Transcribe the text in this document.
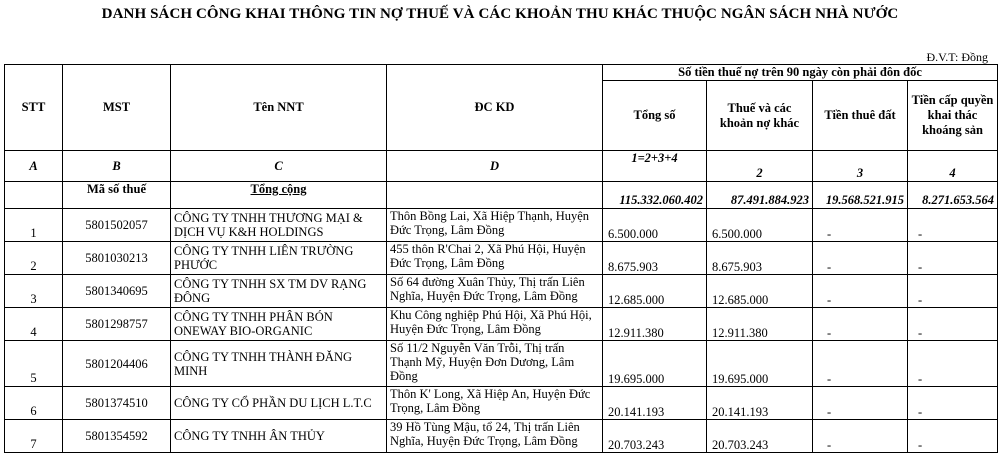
DANH SÁCH CÔNG KHAI THÔNG TIN NỢ THUẾ VÀ CÁC KHOẢN THU KHÁC THUỘC NGÂN SÁCH NHÀ NƯỚC
Đ.V.T: Đồng
STT	MST	Tên NNT	ĐC KD	Số tiền thuế nợ trên 90 ngày còn phải đôn đốc			
				Tổng số	Thuế và các khoản nợ khác	Tiền thuê đất	Tiền cấp quyền khai thác khoáng sản
A	B	C	D	1=2+3+4	2	3	4
	Mã số thuế	Tổng cộng		115.332.060.402	87.491.884.923	19.568.521.915	8.271.653.564
1	5801502057	CÔNG TY TNHH THƯƠNG MẠI & DỊCH VỤ K&H HOLDINGS	Thôn Bồng Lai, Xã Hiệp Thạnh, Huyện Đức Trọng, Lâm Đồng	6.500.000	6.500.000	-	-
2	5801030213	CÔNG TY TNHH LIÊN TRƯỜNG PHƯỚC	455 thôn R'Chai 2, Xã Phú Hội, Huyện Đức Trọng, Lâm Đồng	8.675.903	8.675.903	-	-
3	5801340695	CÔNG TY TNHH SX TM DV RẠNG ĐÔNG	Số 64 đường Xuân Thủy, Thị trấn Liên Nghĩa, Huyện Đức Trọng, Lâm Đồng	12.685.000	12.685.000	-	-
4	5801298757	CÔNG TY TNHH PHÂN BÓN ONEWAY BIO-ORGANIC	Khu Công nghiệp Phú Hội, Xã Phú Hội, Huyện Đức Trọng, Lâm Đồng	12.911.380	12.911.380	-	-
5	5801204406	CÔNG TY TNHH THÀNH ĐĂNG MINH	Số 11/2 Nguyễn Văn Trỗi, Thị trấn Thạnh Mỹ, Huyện Đơn Dương, Lâm Đồng	19.695.000	19.695.000	-	-
6	5801374510	CÔNG TY CỔ PHẦN DU LỊCH L.T.C	Thôn K' Long, Xã Hiệp An, Huyện Đức Trọng, Lâm Đồng	20.141.193	20.141.193	-	-
7	5801354592	CÔNG TY TNHH ÂN THỦY	39 Hồ Tùng Mậu, tổ 24, Thị trấn Liên Nghĩa, Huyện Đức Trọng, Lâm Đồng	20.703.243	20.703.243	-	-
